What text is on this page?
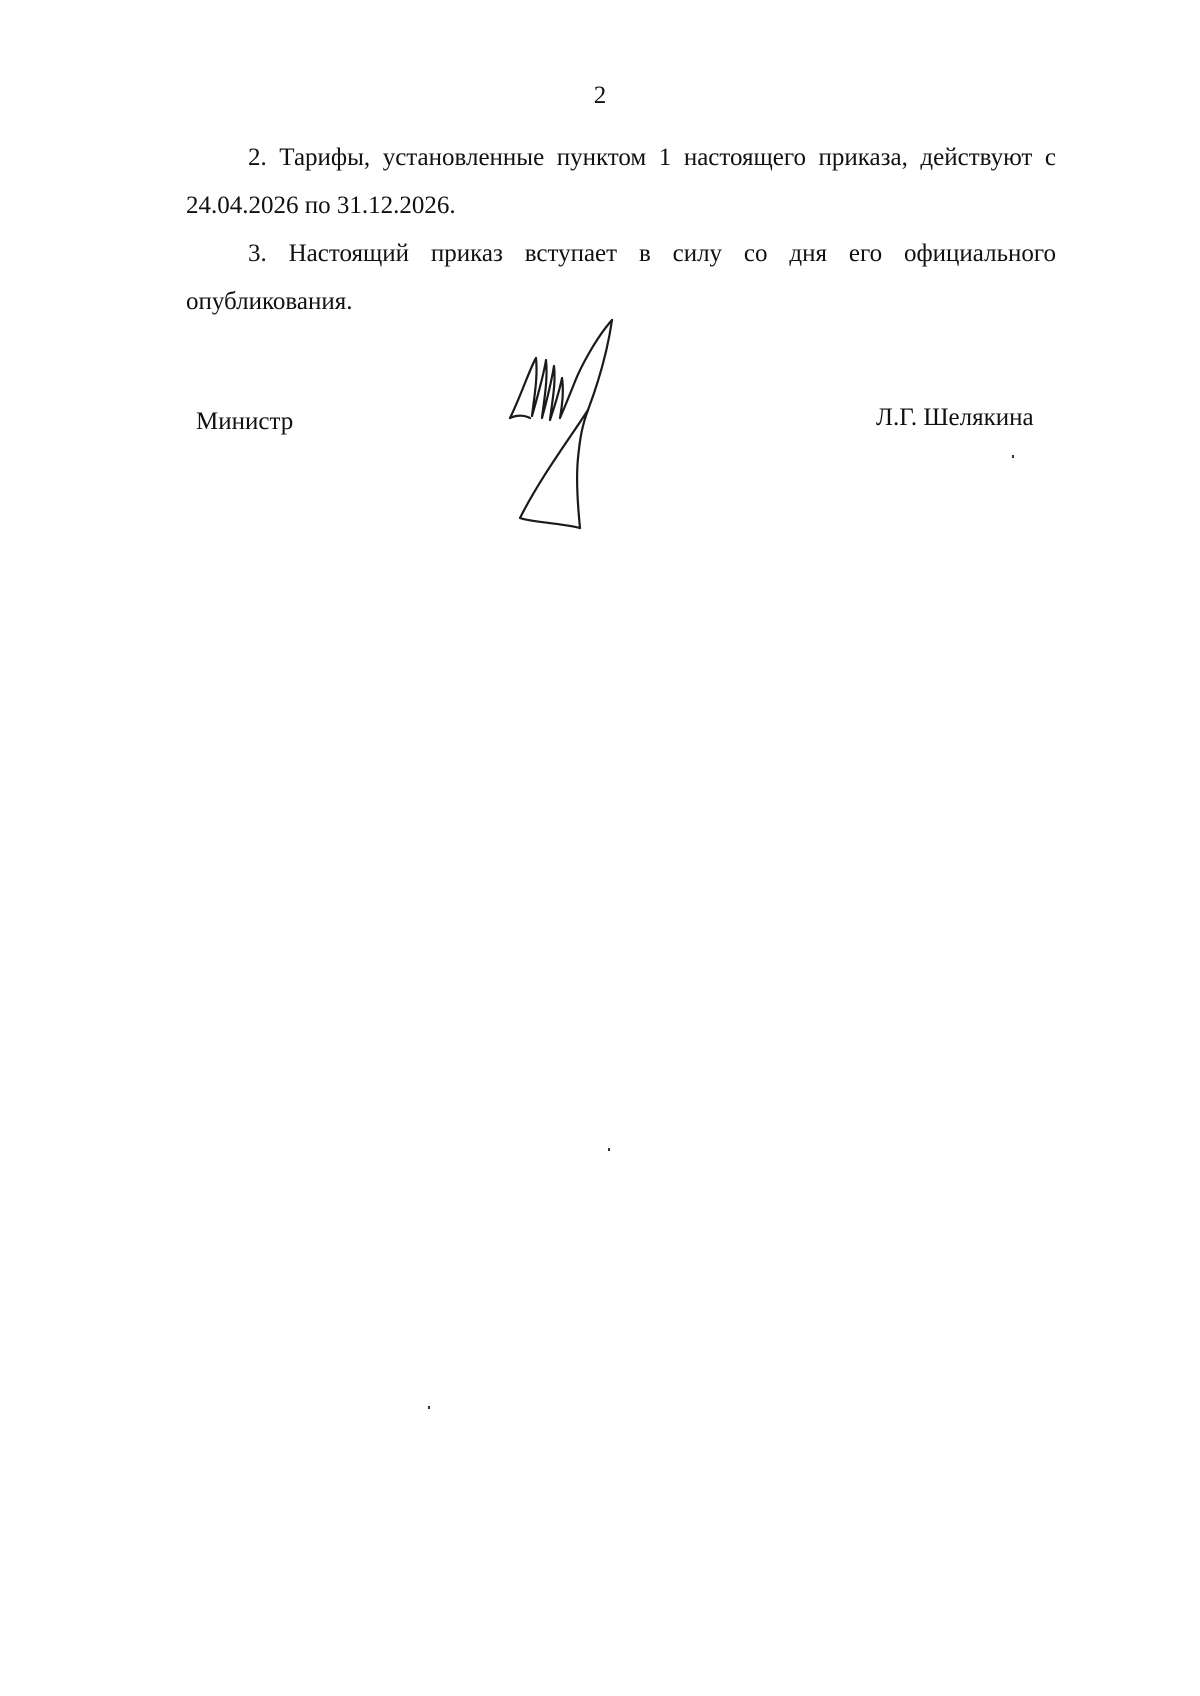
2

2. Тарифы, установленные пунктом 1 настоящего приказа, действуют с
24.04.2026 по 31.12.2026.

3. Настоящий приказ вступает в силу со дня его официального
опубликования.

Министр	Л.Г. Шелякина
